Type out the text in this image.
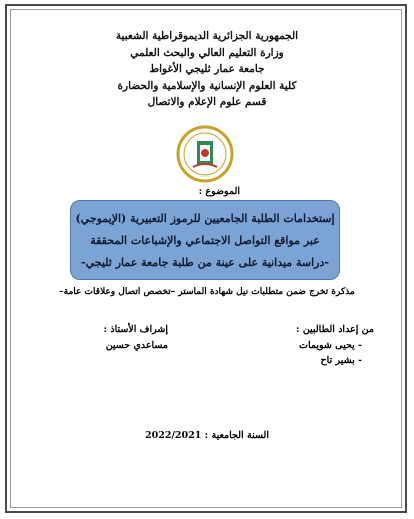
الجمهورية الجزائرية الديموقراطية الشعبية
وزارة التعليم العالي والبحث العلمي
جامعة عمار ثليجي الأغواط
كلية العلوم الإنسانية والإسلامية والحضارة
قسم علوم الإعلام والاتصال
·········
الموضوع :
إستخدامات الطلبة الجامعيين للرموز التعبيرية (الإيموجي)
عبر مواقع التواصل الاجتماعي والإشباعات المحققة
-دراسة ميدانية على عينة من طلبة جامعة عمار ثليجي-
مذكرة تخرج ضمن متطلبات نيل شهادة الماستر –تخصص اتصال وعلاقات عامة–
من إعداد الطالبين :
- يحيى شويمات
- بشير تاح
إشراف الأستاذ :
مساعدي حسين
السنة الجامعية : 2022/2021
